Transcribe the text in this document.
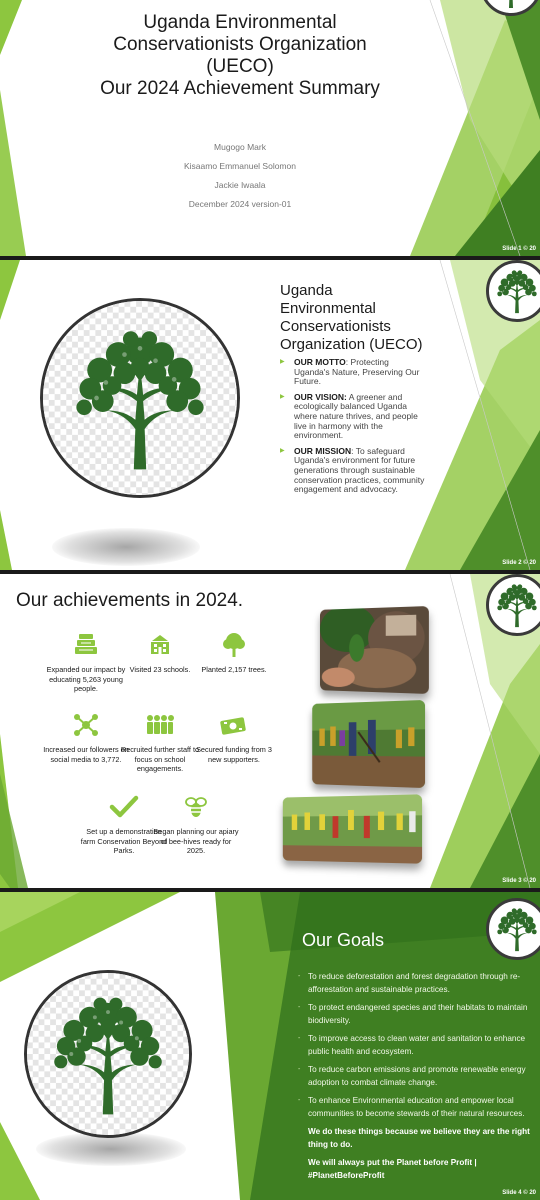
Uganda Environmental
Conservationists Organization
(UECO)
Our 2024 Achievement Summary
Mugogo Mark
Kisaamo Emmanuel Solomon
Jackie Iwaala
December 2024 version-01
Slide 1 © 20
Uganda
Environmental
Conservationists
Organization (UECO)
▶ OUR MOTTO: Protecting Uganda's Nature, Preserving Our Future.
▶ OUR VISION: A greener and ecologically balanced Uganda where nature thrives, and people live in harmony with the environment.
▶ OUR MISSION: To safeguard Uganda's environment for future generations through sustainable conservation practices, community engagement and advocacy.
Slide 2 © 20
Our achievements in 2024.
Expanded our impact by educating 5,263 young people.
Visited 23 schools.	Planted 2,157 trees.
Increased our followers on social media to 3,772.
Recruited further staff to focus on school engagements.
Secured funding from 3 new supporters.
Set up a demonstration farm Conservation Beyond Parks.
Began planning our apiary of bee-hives ready for 2025.
Slide 3 © 20
Our Goals
- To reduce deforestation and forest degradation through re-afforestation and sustainable practices.
- To protect endangered species and their habitats to maintain biodiversity.
- To improve access to clean water and sanitation to enhance public health and ecosystem.
- To reduce carbon emissions and promote renewable energy adoption to combat climate change.
- To enhance Environmental education and empower local communities to become stewards of their natural resources.
We do these things because we believe they are the right thing to do.
We will always put the Planet before Profit | #PlanetBeforeProfit
Slide 4 © 20
